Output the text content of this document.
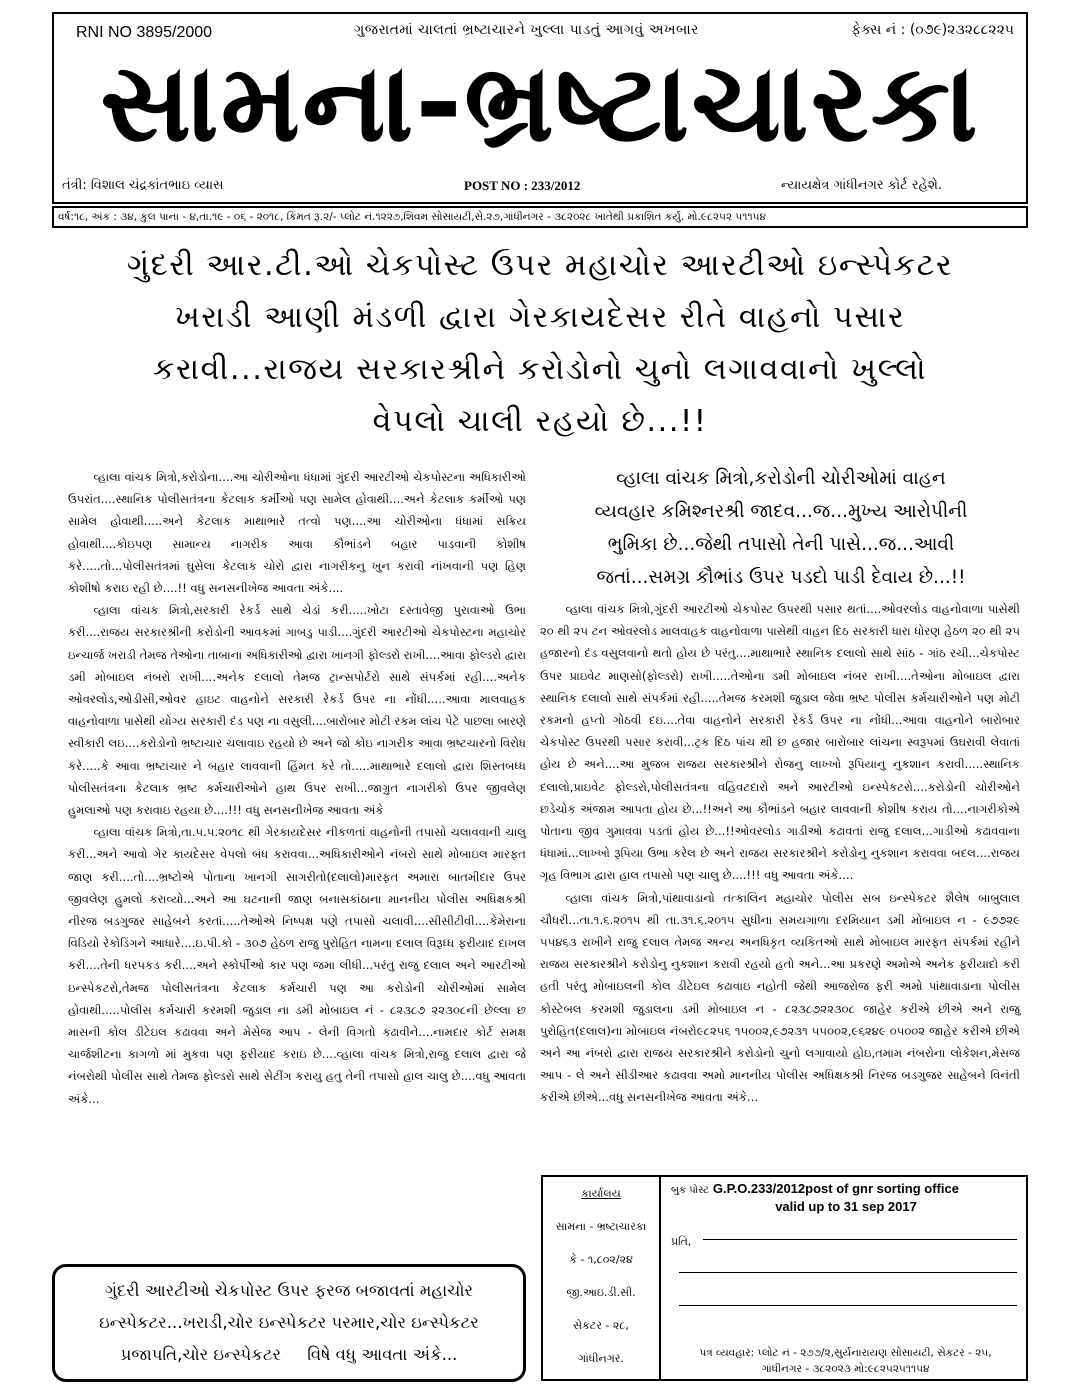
RNI NO 3895/2000	ગુજરાતમાં ચાલતાં ભ્રષ્ટાચારને ખુલ્લા પાડતું આગવું અખબાર	ફેક્સ નં : (૦૭૯)૨૩૨૮૮૨૨૫
સામના-ભ્રષ્ટાચારકા
તંત્રી: વિશાલ ચંદ્રકાંતભાઇ વ્યાસ	POST NO : 233/2012	ન્યાયક્ષેત્ર ગાંધીનગર કોર્ટ રહેશે.
વર્ષ:૧૮, અંક : ૩૪, કુલ પાના - ૪,તા.૧૯ - ૦૬ - ૨૦૧૮, કિંમત રૂ.૨/- પ્લોટ નં.૧૨૨૭,શિવમ સોસાયટી,સે.૨૭,ગાંધીનગર - ૩૮૨૦૨૮ ખાતેથી પ્રકાશિત કર્યુ. મો.૯૮૨૫૨ ૫૧૧૫૪
ગુંદરી આર.ટી.ઓ ચેકપોસ્ટ ઉપર મહાચોર આરટીઓ ઇન્સ્પેકટર
ખરાડી આણી મંડળી દ્વારા ગેરકાયદેસર રીતે વાહનો પસાર
કરાવી...રાજય સરકારશ્રીને કરોડોનો ચુનો લગાવવાનો ખુલ્લો
વેપલો ચાલી રહયો છે...!!

વ્હાલા વાંચક મિત્રો,કરોડોના....આ ચોરીઓના ધંધામાં ગુંદરી આરટીઓ ચેકપોસ્ટના અધિકારીઓ ઉપરાંત....સ્થાનિક પોલીસતંત્રના કેટલાક કર્મીઓ પણ સામેલ હોવાથી....અને કેટલાક કર્મીઓ પણ સામેલ હોવાથી.....અને કેટલાક માથાભારે તત્વો પણ....આ ચોરીઓના ધંધામાં સક્રિય હોવાથી....કોઇપણ સામાન્ય નાગરીક આવા કૌભાંડને બહાર પાડવાની કોશીષ કરે.....તો...પોલીસતંત્રમાં ઘુસેલા કેટલાક ચોરો દ્વારા નાગરીકનુ ખુન કરાવી નાંખવાની પણ હિણ કોશીષો કરાઇ રહી છે....!! વધુ સનસનીખેજ આવતા અંકે....

વ્હાલા વાંચક મિત્રો,સરકારી રેકર્ડ સાથે ચેડાં કરી.....ખોટા દસ્તાવેજી પુરાવાઓ ઉભા કરી....રાજય સરકારશ્રીની કરોડોની આવકમાં ગાબડુ પાડી....ગુંદરી આરટીઓ ચેકપોસ્ટના મહાચોર ઇન્ચાર્જ ખરાડી તેમજ તેઓના તાબાના અધિકારીઓ દ્વારા ખાનગી ફોલ્ડરો રાખી....આવા ફોલ્ડરો દ્વારા ડમી મોબાઇલ નંબરો રાખી....અનેક દલાલો તેમજ ટ્રાન્સપોર્ટરો સાથે સંપર્કમાં રહી....અનેક ઓવરલોડ,ઓડીસી,ઓવર હાઇટ વાહનોને સરકારી રેકર્ડ ઉપર ના નોંધી.....આવા માલવાહક વાહનોવાળા પાસેથી યોગ્ય સરકારી દંડ પણ ના વસુલી....બારોબાર મોટી રકમ લાંચ પેટે પાછલા બારણે સ્વીકારી લઇ....કરોડોનો ભ્રષ્ટાચાર ચલાવાઇ રહયો છે અને જો કોઇ નાગરીક આવા ભ્રષ્ટચારનો વિરોધ કરે.....કે આવા ભ્રષ્ટાચાર ને બહાર લાવવાની હિંમત કરે તો.....માથાભારે દલાલો દ્વારા શિસ્તબધ્ધ પોલીસતંત્રના કેટલાક ભ્રષ્ટ કર્મચારીઓને હાથ ઉપર રાખી...જાગ્રુત નાગરીકો ઉપર જીવલેણ હુમલાઓ પણ કરાવાઇ રહયા છે....!!! વધુ સનસનીખેજ આવતા અંકે

વ્હાલા વાંચક મિત્રો,તા.૫.૫.૨૦૧૮ થી ગેરકાયદેસર નીકળતાં વાહનોની તપાસો ચલાવવાની ચાલુ કરી...અને આવો ગેર કાયદેસર વેપલો બંધ કરાવવા...અધિકારીઓને નંબરો સાથે મોબાઇલ મારફત જાણ કરી....તો....ભ્રષ્ટોએ પોતાના ખાનગી સાગરીતો(દલાલો)મારફત અમારા બાતમીદાર ઉપર જીવલેણ હુમલો કરાવ્યો...અને આ ઘટનાની જાણ બનાસકાંઠાના માનનીય પોલીસ અધિક્ષકશ્રી નીરજ બડગુજર સાહેબને કરતાં.....તેઓએ નિષ્પક્ષ પણે તપાસો ચલાવી....સીસીટીવી....કેમેરાના વિડિયો રેકોડિંગને આધારે....ઇ.પી.કો - ૩૦૭ હેઠળ રાજુ પુરોહિત નામના દલાલ વિરૂધ્ધ ફરીયાદ દાખલ કરી....તેની ધરપકડ કરી....અને સ્કોર્પીઓ કાર પણ જમા લીધી...પરંતુ રાજુ દલાલ અને આરટીઓ ઇન્સ્પેકટરો,તેમજ પોલીસતંત્રના કેટલાક કર્મચારી પણ આ કરોડોની ચોરીઓમાં સામેલ હોવાથી.....પોલીસ કર્મચારી કરમશી જુડાલ ના ડમી મોબાઇલ નં - ૮૨૩૮૭ ૨૨૩૦૮ની છેલ્લા છ માસની કોલ ડીટેઇલ કઢાવવા અને મેસેજ આપ - લેની વિગતો કઢાવીને....નામદાર કોર્ટ સમક્ષ ચાર્જશીટના કાગળો માં મુકવા પણ ફરીયાદ કરાઇ છે....વ્હાલા વાંચક મિત્રો,રાજુ દલાલ દ્વારા જે નંબરોથી પોલીસ સાથે તેમજ ફોલ્ડરો સાથે સેટીંગ કરાયુ હતુ તેની તપાસો હાલ ચાલુ છે....વધુ આવતા અંકે...

વ્હાલા વાંચક મિત્રો,કરોડોની ચોરીઓમાં વાહન
વ્યવહાર કમિશ્નરશ્રી જાદવ...જ...મુખ્ય આરોપીની
ભુમિકા છે...જેથી તપાસો તેની પાસે...જ...આવી
જતાં...સમગ્ર કૌભાંડ ઉપર પડદો પાડી દેવાય છે...!!

વ્હાલા વાંચક મિત્રો,ગુંદરી આરટીઓ ચેકપોસ્ટ ઉપરથી પસાર થતાં....ઓવરલોડ વાહનોવાળા પાસેથી ૨૦ થી ૨૫ ટન ઓવરલોડ માલવાહક વાહનોવાળા પાસેથી વાહન દિઠ સરકારી ધારા ધોરણ હેઠળ ૨૦ થી ૨૫ હજારનો દંડ વસુલવાનો થતો હોય છે પરંતુ....માથાભારે સ્થાનિક દલાલો સાથે સાંઠ - ગાંઠ રચી...ચેકપોસ્ટ ઉપર પ્રાઇવેટ માણસો(ફોલ્ડરો) રાખી.....તેઓના ડમી મોબાઇલ નંબર રાખી....તેઓના મોબાઇલ દ્વારા સ્થાનિક દલાલો સાથે સંપર્કમાં રહી.....તેમજ કરમશી જુડાલ જેવા ભ્રષ્ટ પોલીસ કર્મચારીઓને પણ મોટી રકમનો હપ્તો ગોઠવી દઇ....તેવા વાહનોને સરકારી રેકર્ડ ઉપર ના નોંધી...આવા વાહનોને બારોબાર ચેકપોસ્ટ ઉપરથી પસાર કરાવી...ટ્રક દિઠ પાંચ થી છ હજાર બારોબાર લાંચના સ્વરૂપમાં ઉઘરાવી લેવાતાં હોય છે અને....આ મુજબ રાજય સરકારશ્રીને રોજનુ લાખ્ખો રૂપિયાનુ નુકશાન કરાવી.....સ્થાનિક દલાલો,પ્રાઇવેટ ફોલ્ડરો,પોલીસતંત્રના વહિવટદારો અને આરટીઓ ઇન્સ્પેકટરો....કરોડોની ચોરીઓને છડેચોક અંજામ આપતા હોય છે...!!અને આ કૌભાંડને બહાર લાવવાની કોશીષ કરાય તો....નાગરીકોએ પોતાના જીવ ગુમાવવા પડતાં હોય છે...!!ઓવરલોડ ગાડીઓ કઢાવતાં રાજુ દલાલ...ગાડીઓ કઢાવવાના ધંધામાં...લાખ્ખો રૂપિયા ઉભા કરેલ છે અને રાજય સરકારશ્રીને કરોડોનુ નુકશાન કરાવવા બદલ....રાજય ગૃહ વિભાગ દ્વારા હાલ તપાસો પણ ચાલુ છે....!!! વધુ આવતા અંકે....

વ્હાલા વાંચક મિત્રો,પાંથાવાડાનો તત્કાલિન મહાચોર પોલીસ સબ ઇન્સ્પેકટર શૈલેષ બાબુલાલ ચૌધરી...તા.૧.૬.૨૦૧૫ થી તા.૩૧.૬.૨૦૧૫ સુધીના સમયગાળા દરમિયાન ડમી મોબાઇલ ન - ૯૭૭૨૯ ૫૫૪૬૩ રાખીને રાજુ દલાલ તેમજ અન્ય અનધિકૃત વ્યકિતઓ સાથે મોબાઇલ મારફત સંપર્કમાં રહીને રાજય સરકારશ્રીને કરોડોનુ નુકશાન કરાવી રહયો હતો અને...આ પ્રકરણે અમોએ અનેક ફરીયાદો કરી હતી પરંતુ મોબાઇલની કોલ ડીટેઇલ કઢાવાઇ નહોતી જેથી આજરોજ ફરી અમો પાંથાવાડાના પોલીસ કોસ્ટેબલ કરમશી જુડાલના ડમી મોબાઇલ ન - ૮૨૩૮૭૨૨૩૦૮ જાહેર કરીએ છીએ અને રાજુ પુરોહિત(દલાલ)ના મોબાઇલ નંબરો૯૮૨૫૬ ૧૫૦૦૨,૯૭૨૩૧ ૫૫૦૦૨,૯૬૨૪૯ ૦૫૦૦૨ જાહેર કરીએ છીએ અને આ નંબરો દ્વારા રાજય સરકારશ્રીને કરોડોનો ચુનો લગાવાયો હોઇ,તમામ નંબરોના લોકેશન,મેસજ આપ - લે અને સીડીઆર કઢાવવા અમો માનનીય પોલીસ અધિક્ષકશ્રી નિરજ બડગુજર સાહેબને વિનંતી કરીએ છીએ...વધુ સનસનીખેજ આવતા અંકે...

ગુંદરી આરટીઓ ચેકપોસ્ટ ઉપર ફરજ બજાવતાં મહાચોર
ઇન્સ્પેકટર...ખરાડી,ચોર ઇન્સ્પેકટર પરમાર,ચોર ઇન્સ્પેકટર
પ્રજાપતિ,ચોર ઇન્સ્પેકટર     વિષે વધુ આવતા અંકે...
કાર્યાલય
સામના - ભ્રષ્ટાચારકા
કે - ૧,૮૦૨/૨૪
જી.આઇ.ડી.સી.
સેકટર - ૨૮,
ગાંધીનગર.
બુક પોસ્ટ G.P.O.233/2012post of gnr sorting office
valid up to 31 sep 2017
પ્રતિ,
પત્ર વ્યવહાર: પ્લોટ નં - ૨૭૭/૨,સુર્યનારાયણ સોસાયટી, સેકટર - ૨૫,
ગાંધીનગર - ૩૮૨૦૨૩ મો:૯૮૨૫૨૫૧૧૫૪
